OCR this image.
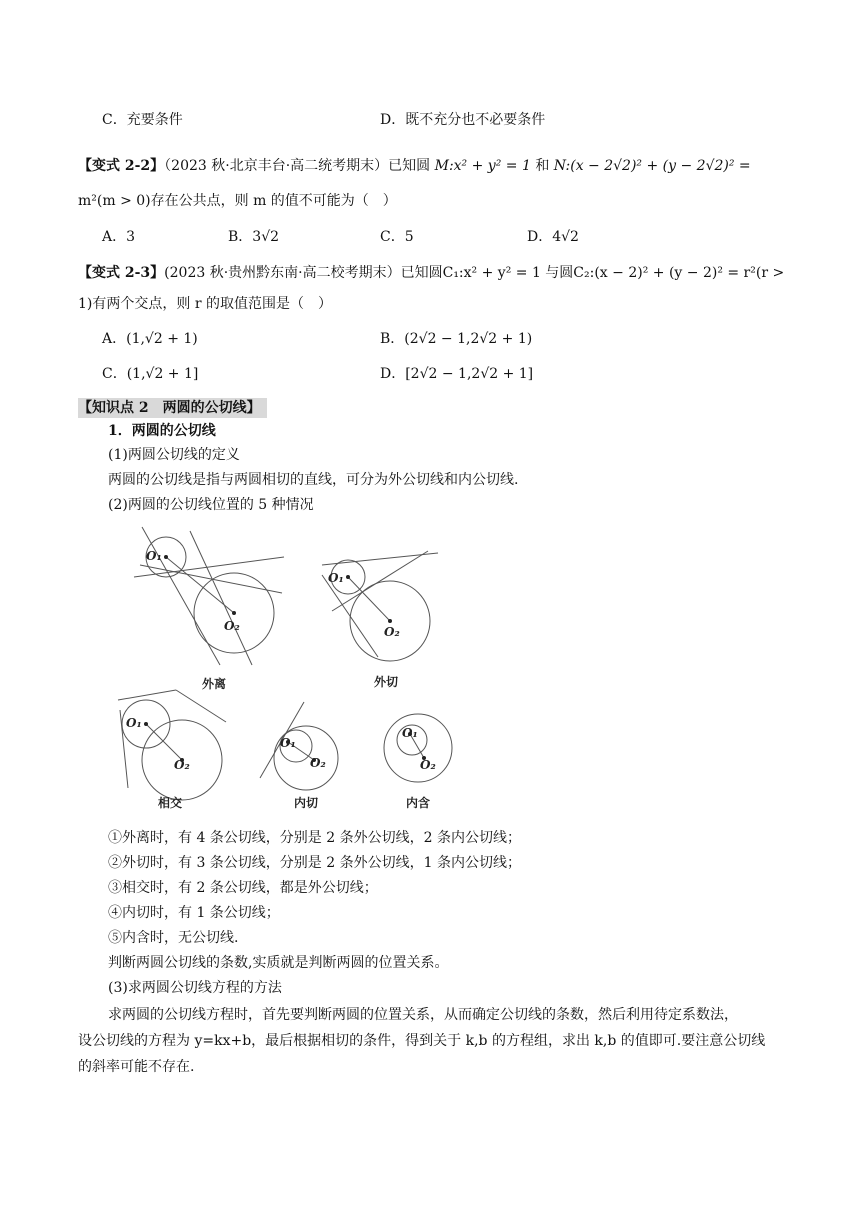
C．充要条件	D．既不充分也不必要条件
【变式 2-2】（2023 秋·北京丰台·高二统考期末）已知圆 M:x² + y² = 1 和 N:(x − 2√2)² + (y − 2√2)² =
m²(m > 0)存在公共点，则 m 的值不可能为（　）
A．3	B．3√2	C．5	D．4√2
【变式 2-3】(2023 秋·贵州黔东南·高二校考期末）已知圆C₁:x² + y² = 1 与圆C₂:(x − 2)² + (y − 2)² = r²(r >
1)有两个交点，则 r 的取值范围是（　）
A．(1,√2 + 1)	B．(2√2 − 1,2√2 + 1)
C．(1,√2 + 1]	D．[2√2 − 1,2√2 + 1]
【知识点 2　两圆的公切线】
1．两圆的公切线
(1)两圆公切线的定义
两圆的公切线是指与两圆相切的直线，可分为外公切线和内公切线.
(2)两圆的公切线位置的 5 种情况
O₁
O₂
外离
O₁
O₂
外切
O₁
O₂
相交
O₁
O₂
内切
O₁
O₂
内含
①外离时，有 4 条公切线，分别是 2 条外公切线，2 条内公切线；
②外切时，有 3 条公切线，分别是 2 条外公切线，1 条内公切线；
③相交时，有 2 条公切线，都是外公切线；
④内切时，有 1 条公切线；
⑤内含时，无公切线.
判断两圆公切线的条数,实质就是判断两圆的位置关系。
(3)求两圆公切线方程的方法
求两圆的公切线方程时，首先要判断两圆的位置关系，从而确定公切线的条数，然后利用待定系数法，
设公切线的方程为 y=kx+b，最后根据相切的条件，得到关于 k,b 的方程组，求出 k,b 的值即可.要注意公切线
的斜率可能不存在.
